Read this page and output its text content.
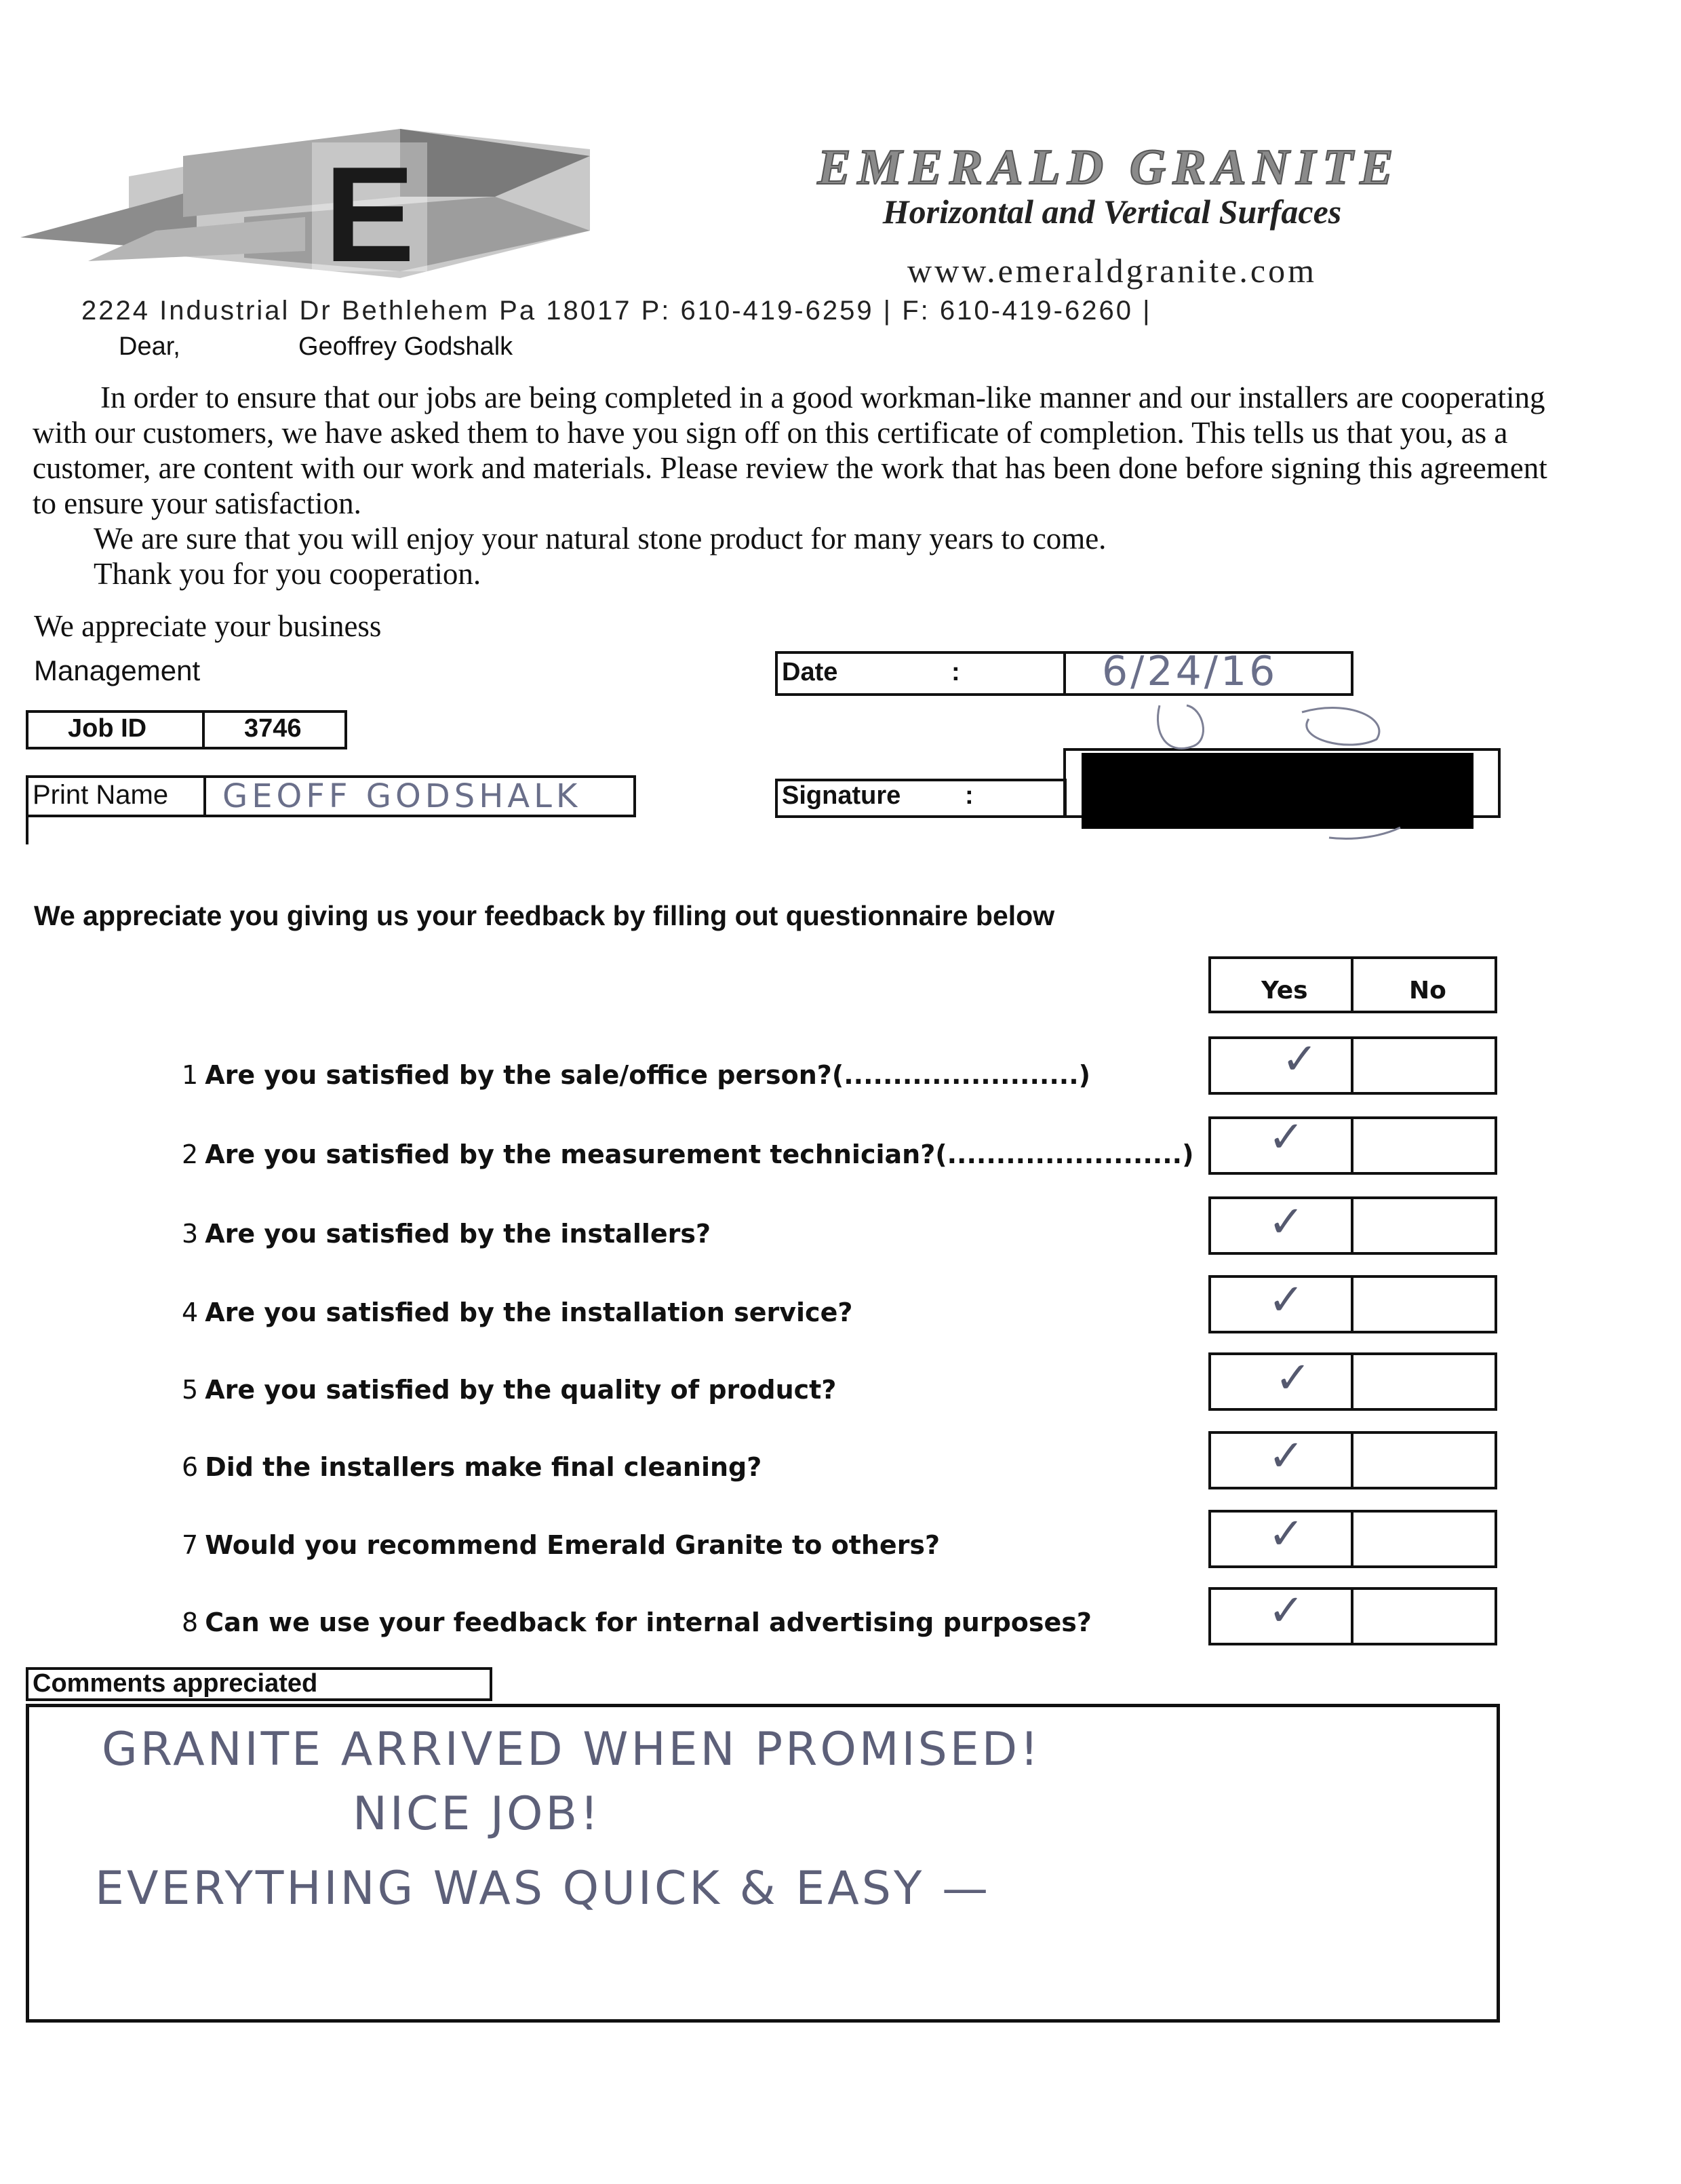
E	EMERALD GRANITE
Horizontal and Vertical Surfaces
www.emeraldgranite.com
2224 Industrial Dr Bethlehem Pa 18017 P: 610-419-6259 | F: 610-419-6260 |
Dear,	Geoffrey Godshalk

In order to ensure that our jobs are being completed in a good workman-like manner and our installers are cooperating with our customers, we have asked them to have you sign off on this certificate of completion. This tells us that you, as a customer, are content with our work and materials. Please review the work that has been done before signing this agreement to ensure your satisfaction.

We are sure that you will enjoy your natural stone product for many years to come.

Thank you for you cooperation.

We appreciate your business
Management
Job ID	3746
Print Name GEOFF GODSHALK
Date	:	6/24/16
Signature :
We appreciate you giving us your feedback by filling out questionnaire below
Yes	No
1 Are you satisfied by the sale/office person?(........................)	✓
2 Are you satisfied by the measurement technician?(........................) ✓
3 Are you satisfied by the installers?	✓
4 Are you satisfied by the installation service?	✓
5 Are you satisfied by the quality of product?	✓
6 Did the installers make final cleaning?	✓
7 Would you recommend Emerald Granite to others?	✓
8 Can we use your feedback for internal advertising purposes?	✓
Comments appreciated
GRANITE ARRIVED WHEN PROMISED!
NICE JOB!
EVERYTHING WAS QUICK & EASY —
